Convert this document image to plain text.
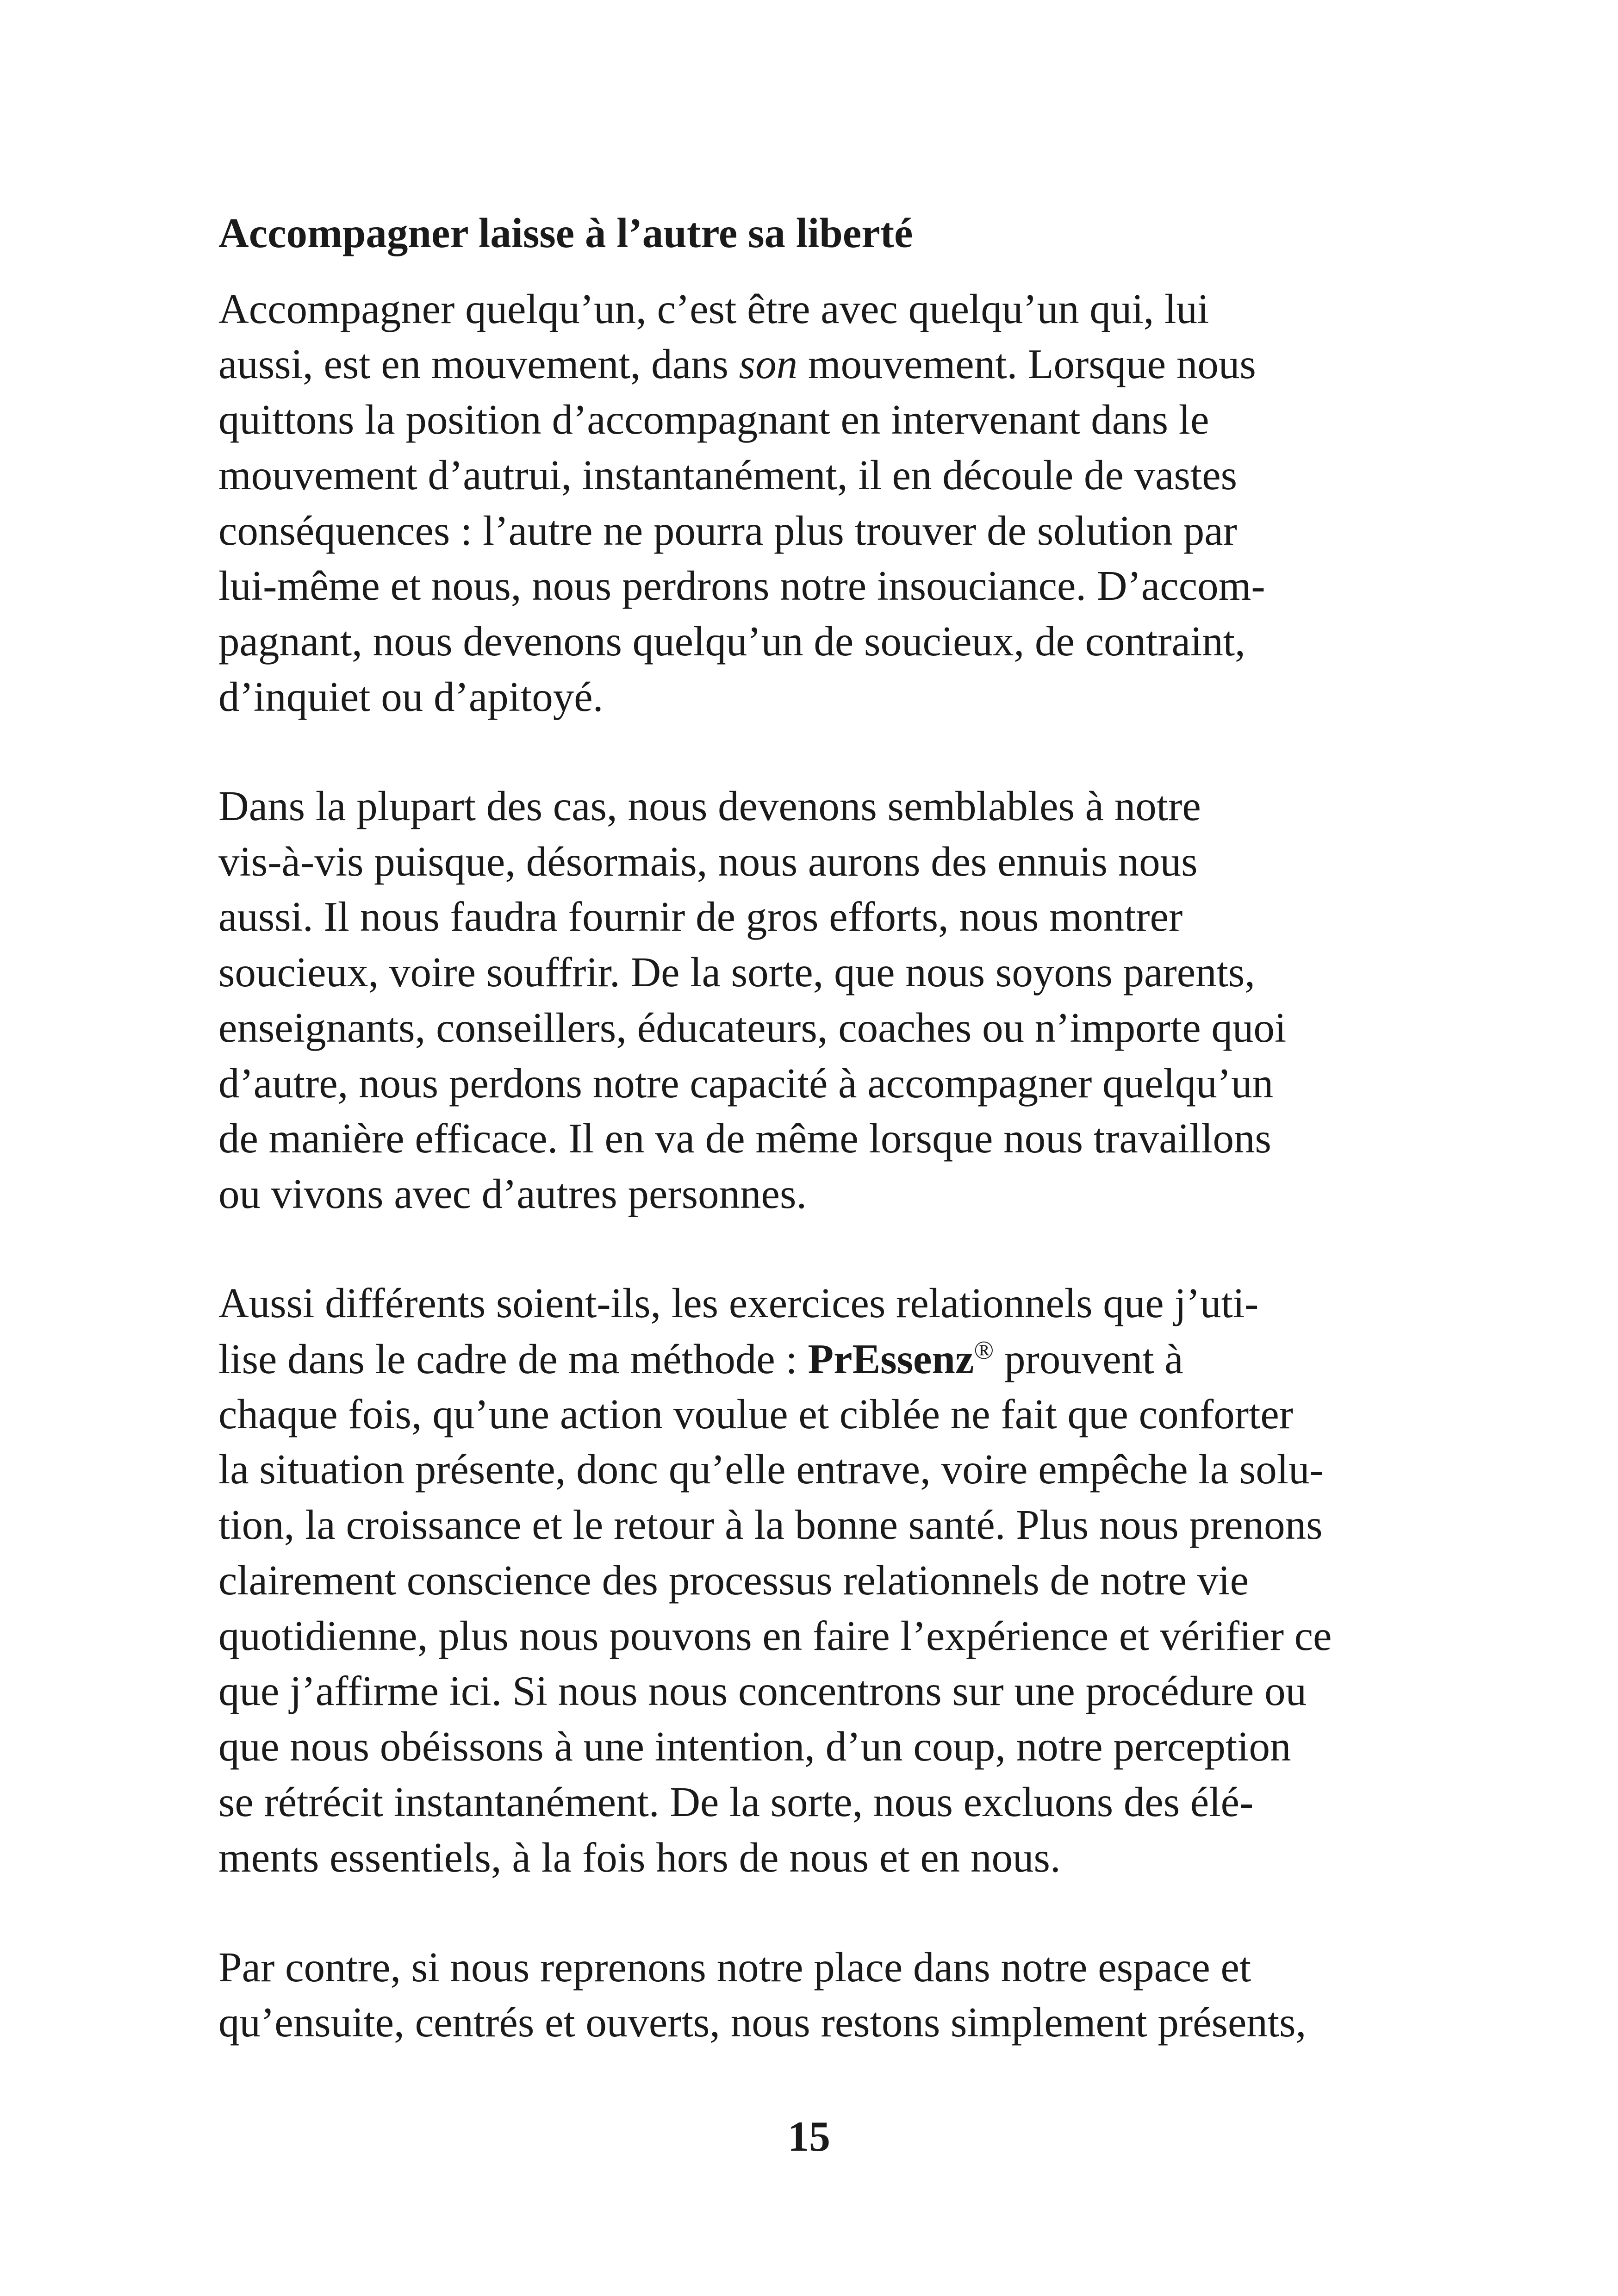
Accompagner laisse à l’autre sa liberté
Accompagner quelqu’un, c’est être avec quelqu’un qui, lui
aussi, est en mouvement, dans son mouvement. Lorsque nous
quittons la position d’accompagnant en intervenant dans le
mouvement d’autrui, instantanément, il en découle de vastes
conséquences : l’autre ne pourra plus trouver de solution par
lui-même et nous, nous perdrons notre insouciance. D’accom-
pagnant, nous devenons quelqu’un de soucieux, de contraint,
d’inquiet ou d’apitoyé.
Dans la plupart des cas, nous devenons semblables à notre
vis-à-vis puisque, désormais, nous aurons des ennuis nous
aussi. Il nous faudra fournir de gros efforts, nous montrer
soucieux, voire souffrir. De la sorte, que nous soyons parents,
enseignants, conseillers, éducateurs, coaches ou n’importe quoi
d’autre, nous perdons notre capacité à accompagner quelqu’un
de manière efficace. Il en va de même lorsque nous travaillons
ou vivons avec d’autres personnes.
Aussi différents soient-ils, les exercices relationnels que j’uti-
lise dans le cadre de ma méthode : PrEssenz® prouvent à
chaque fois, qu’une action voulue et ciblée ne fait que conforter
la situation présente, donc qu’elle entrave, voire empêche la solu-
tion, la croissance et le retour à la bonne santé. Plus nous prenons
clairement conscience des processus relationnels de notre vie
quotidienne, plus nous pouvons en faire l’expérience et vérifier ce
que j’affirme ici. Si nous nous concentrons sur une procédure ou
que nous obéissons à une intention, d’un coup, notre perception
se rétrécit instantanément. De la sorte, nous excluons des élé-
ments essentiels, à la fois hors de nous et en nous.
Par contre, si nous reprenons notre place dans notre espace et
qu’ensuite, centrés et ouverts, nous restons simplement présents,
15
